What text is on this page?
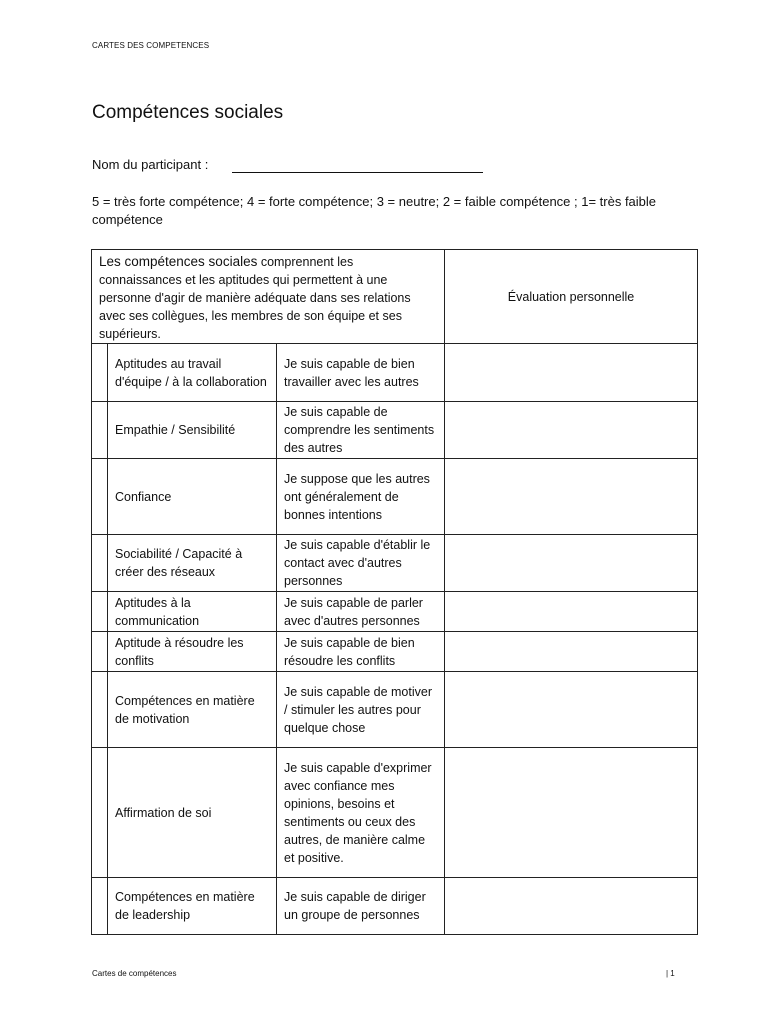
CARTES DES COMPETENCES
Compétences sociales
Nom du participant :
5 = très forte compétence; 4 = forte compétence; 3 = neutre; 2 = faible compétence ; 1= très faible compétence
Les compétences sociales comprennent les connaissances et les aptitudes qui permettent à une personne d'agir de manière adéquate dans ses relations avec ses collègues, les membres de son équipe et ses supérieurs.			Évaluation personnelle
	Aptitudes au travail d'équipe / à la collaboration	Je suis capable de bien travailler avec les autres	
	Empathie / Sensibilité	Je suis capable de comprendre les sentiments des autres	
	Confiance	Je suppose que les autres ont généralement de bonnes intentions	
	Sociabilité / Capacité à créer des réseaux	Je suis capable d'établir le contact avec d'autres personnes	
	Aptitudes à la communication	Je suis capable de parler avec d'autres personnes	
	Aptitude à résoudre les conflits	Je suis capable de bien résoudre les conflits	
	Compétences en matière de motivation	Je suis capable de motiver / stimuler les autres pour quelque chose	
	Affirmation de soi	Je suis capable d'exprimer avec confiance mes opinions, besoins et sentiments ou ceux des autres, de manière calme et positive.	
	Compétences en matière de leadership	Je suis capable de diriger un groupe de personnes	
Cartes de compétences	| 1
